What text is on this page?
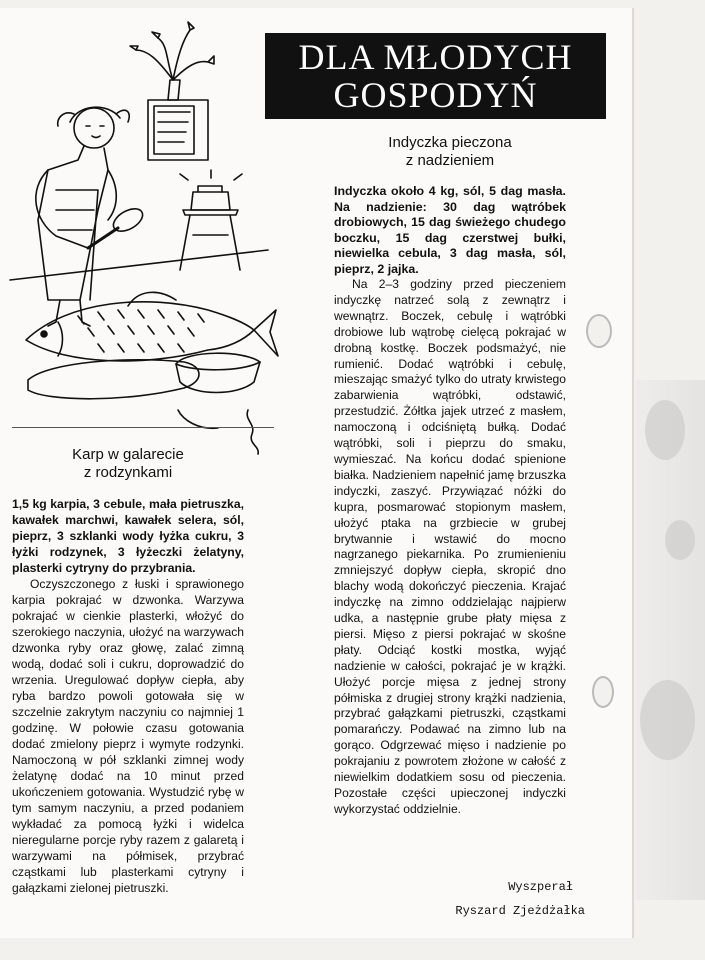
DLA MŁODYCH
GOSPODYŃ
Karp w galarecie
z rodzynkami

1,5 kg karpia, 3 cebule, mała pietruszka, kawałek marchwi, kawałek selera, sól, pieprz, 3 szklanki wody łyżka cukru, 3 łyżki rodzynek, 3 łyżeczki żelatyny, plasterki cytryny do przybrania.

Oczyszczonego z łuski i sprawionego karpia pokrajać w dzwonka. Warzywa pokrajać w cienkie plasterki, włożyć do szerokiego naczynia, ułożyć na warzywach dzwonka ryby oraz głowę, zalać zimną wodą, dodać soli i cukru, doprowadzić do wrzenia. Uregulować dopływ ciepła, aby ryba bardzo powoli gotowała się w szczelnie zakrytym naczyniu co najmniej 1 godzinę. W połowie czasu gotowania dodać zmielony pieprz i wymyte rodzynki. Namoczoną w pół szklanki zimnej wody żelatynę dodać na 10 minut przed ukończeniem gotowania. Wystudzić rybę w tym samym naczyniu, a przed podaniem wykładać za pomocą łyżki i widelca nieregularne porcje ryby razem z galaretą i warzywami na półmisek, przybrać cząstkami lub plasterkami cytryny i gałązkami zielonej pietruszki.

Indyczka pieczona
z nadzieniem

Indyczka około 4 kg, sól, 5 dag masła. Na nadzienie: 30 dag wątróbek drobiowych, 15 dag świeżego chudego boczku, 15 dag czerstwej bułki, niewielka cebula, 3 dag masła, sól, pieprz, 2 jajka.

Na 2–3 godziny przed pieczeniem indyczkę natrzeć solą z zewnątrz i wewnątrz. Boczek, cebulę i wątróbki drobiowe lub wątrobę cielęcą pokrajać w drobną kostkę. Boczek podsmażyć, nie rumienić. Dodać wątróbki i cebulę, mieszając smażyć tylko do utraty krwistego zabarwienia wątróbki, odstawić, przestudzić. Żółtka jajek utrzeć z masłem, namoczoną i odciśniętą bułką. Dodać wątróbki, soli i pieprzu do smaku, wymieszać. Na końcu dodać spienione białka. Nadzieniem napełnić jamę brzuszka indyczki, zaszyć. Przywiązać nóżki do kupra, posmarować stopionym masłem, ułożyć ptaka na grzbiecie w grubej brytwannie i wstawić do mocno nagrzanego piekarnika. Po zrumienieniu zmniejszyć dopływ ciepła, skropić dno blachy wodą dokończyć pieczenia. Krajać indyczkę na zimno oddzielając najpierw udka, a następnie grube płaty mięsa z piersi. Mięso z piersi pokrajać w skośne płaty. Odciąć kostki mostka, wyjąć nadzienie w całości, pokrajać je w krążki. Ułożyć porcje mięsa z jednej strony półmiska z drugiej strony krążki nadzienia, przybrać gałązkami pietruszki, cząstkami pomarańczy. Podawać na zimno lub na gorąco. Odgrzewać mięso i nadzienie po pokrajaniu z powrotem złożone w całość z niewielkim dodatkiem sosu od pieczenia. Pozostałe części upieczonej indyczki wykorzystać oddzielnie.

Wyszperał
Ryszard Zjeżdżałka
